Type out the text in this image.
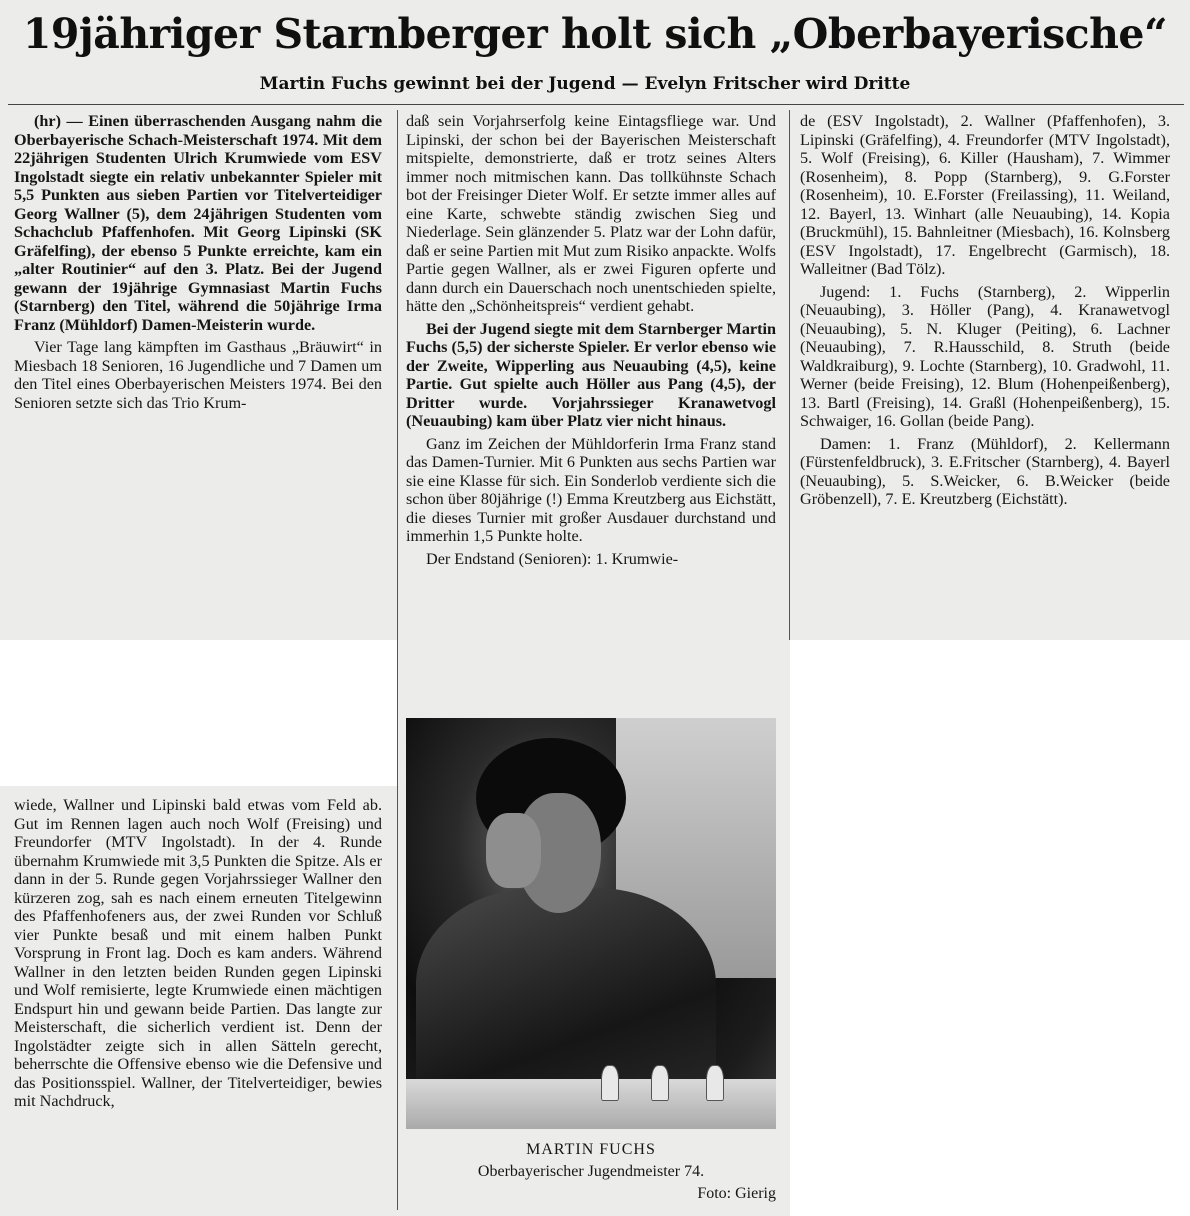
19jähriger Starnberger holt sich „Oberbayerische“
Martin Fuchs gewinnt bei der Jugend — Evelyn Fritscher wird Dritte

(hr) — Einen überraschenden Ausgang nahm die Oberbayerische Schach-Meisterschaft 1974. Mit dem 22jährigen Studenten Ulrich Krumwiede vom ESV Ingolstadt siegte ein relativ unbekannter Spieler mit 5,5 Punkten aus sieben Partien vor Titelverteidiger Georg Wallner (5), dem 24jährigen Studenten vom Schachclub Pfaffenhofen. Mit Georg Lipinski (SK Gräfelfing), der ebenso 5 Punkte erreichte, kam ein „alter Routinier“ auf den 3. Platz. Bei der Jugend gewann der 19jährige Gymnasiast Martin Fuchs (Starnberg) den Titel, während die 50jährige Irma Franz (Mühldorf) Damen-Meisterin wurde.

Vier Tage lang kämpften im Gasthaus „Bräuwirt“ in Miesbach 18 Senioren, 16 Jugendliche und 7 Damen um den Titel eines Oberbayerischen Meisters 1974. Bei den Senioren setzte sich das Trio Krum-

wiede, Wallner und Lipinski bald etwas vom Feld ab. Gut im Rennen lagen auch noch Wolf (Freising) und Freundorfer (MTV Ingolstadt). In der 4. Runde übernahm Krumwiede mit 3,5 Punkten die Spitze. Als er dann in der 5. Runde gegen Vorjahrssieger Wallner den kürzeren zog, sah es nach einem erneuten Titelgewinn des Pfaffenhofeners aus, der zwei Runden vor Schluß vier Punkte besaß und mit einem halben Punkt Vorsprung in Front lag. Doch es kam anders. Während Wallner in den letzten beiden Runden gegen Lipinski und Wolf remisierte, legte Krumwiede einen mächtigen Endspurt hin und gewann beide Partien. Das langte zur Meisterschaft, die sicherlich verdient ist. Denn der Ingolstädter zeigte sich in allen Sätteln gerecht, beherrschte die Offensive ebenso wie die Defensive und das Positionsspiel. Wallner, der Titelverteidiger, bewies mit Nachdruck,

daß sein Vorjahrserfolg keine Eintagsfliege war. Und Lipinski, der schon bei der Bayerischen Meisterschaft mitspielte, demonstrierte, daß er trotz seines Alters immer noch mitmischen kann. Das tollkühnste Schach bot der Freisinger Dieter Wolf. Er setzte immer alles auf eine Karte, schwebte ständig zwischen Sieg und Niederlage. Sein glänzender 5. Platz war der Lohn dafür, daß er seine Partien mit Mut zum Risiko anpackte. Wolfs Partie gegen Wallner, als er zwei Figuren opferte und dann durch ein Dauerschach noch unentschieden spielte, hätte den „Schönheitspreis“ verdient gehabt.

Bei der Jugend siegte mit dem Starnberger Martin Fuchs (5,5) der sicherste Spieler. Er verlor ebenso wie der Zweite, Wipperling aus Neuaubing (4,5), keine Partie. Gut spielte auch Höller aus Pang (4,5), der Dritter wurde. Vorjahrssieger Kranawetvogl (Neuaubing) kam über Platz vier nicht hinaus.

Ganz im Zeichen der Mühldorferin Irma Franz stand das Damen-Turnier. Mit 6 Punkten aus sechs Partien war sie eine Klasse für sich. Ein Sonderlob verdiente sich die schon über 80jährige (!) Emma Kreutzberg aus Eichstätt, die dieses Turnier mit großer Ausdauer durchstand und immerhin 1,5 Punkte holte.

Der Endstand (Senioren): 1. Krumwie-

de (ESV Ingolstadt), 2. Wallner (Pfaffenhofen), 3. Lipinski (Gräfelfing), 4. Freundorfer (MTV Ingolstadt), 5. Wolf (Freising), 6. Killer (Hausham), 7. Wimmer (Rosenheim), 8. Popp (Starnberg), 9. G.Forster (Rosenheim), 10. E.Forster (Freilassing), 11. Weiland, 12. Bayerl, 13. Winhart (alle Neuaubing), 14. Kopia (Bruckmühl), 15. Bahnleitner (Miesbach), 16. Kolnsberg (ESV Ingolstadt), 17. Engelbrecht (Garmisch), 18. Walleitner (Bad Tölz).

Jugend: 1. Fuchs (Starnberg), 2. Wipperlin (Neuaubing), 3. Höller (Pang), 4. Kranawetvogl (Neuaubing), 5. N. Kluger (Peiting), 6. Lachner (Neuaubing), 7. R.Hausschild, 8. Struth (beide Waldkraiburg), 9. Lochte (Starnberg), 10. Gradwohl, 11. Werner (beide Freising), 12. Blum (Hohenpeißenberg), 13. Bartl (Freising), 14. Graßl (Hohenpeißenberg), 15. Schwaiger, 16. Gollan (beide Pang).

Damen: 1. Franz (Mühldorf), 2. Kellermann (Fürstenfeldbruck), 3. E.Fritscher (Starnberg), 4. Bayerl (Neuaubing), 5. S.Weicker, 6. B.Weicker (beide Gröbenzell), 7. E. Kreutzberg (Eichstätt).

MARTIN FUCHS
Oberbayerischer Jugendmeister 74.
Foto: Gierig
